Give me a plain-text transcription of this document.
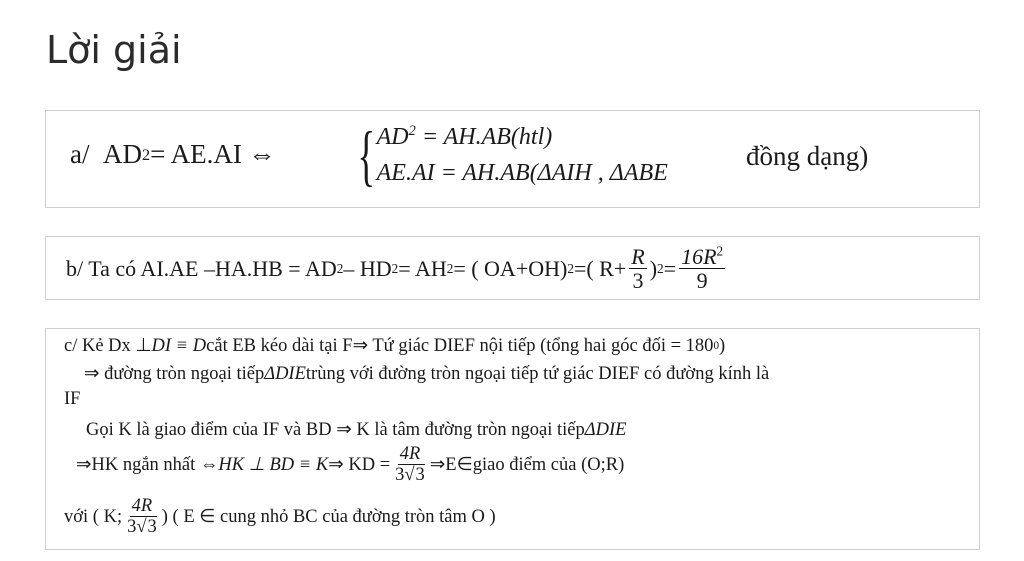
Lời giải
a/
AD 2 = AE.AI ⇔ { $AD^2 = AH.AB(htl)$
AE.AI = AH.AB(ΔAIH , ΔABE
đồng dạng)
b/ Ta có AI.AE –HA.HB = AD 2 – HD 2 = AH 2 = ( OA+OH) 2 =( $R+ \frac{R}{3}$ ) $2 = \frac{16R^2}{9}$
c/ Kẻ Dx ⊥ DI ≡ D cắt EB kéo dài tại F⇒ Tứ giác DIEF nội tiếp (tổng hai góc đối = 180 0 )
⇒ đường tròn ngoại tiếp ΔDIE trùng với đường tròn ngoại tiếp tứ giác DIEF có đường kính là
IF
Gọi K là giao điểm của IF và BD ⇒ K là tâm đường tròn ngoại tiếp ΔDIE
⇒HK ngắn nhất ⇔ HK ⊥ BD ≡ K ⇒ KD = $\frac{4R}{3√3}$ ⇒E∈giao điểm của (O;R)
với ( K; $\frac{4R}{3√3}$ ) ( E ∈ cung nhỏ BC của đường tròn tâm O )
